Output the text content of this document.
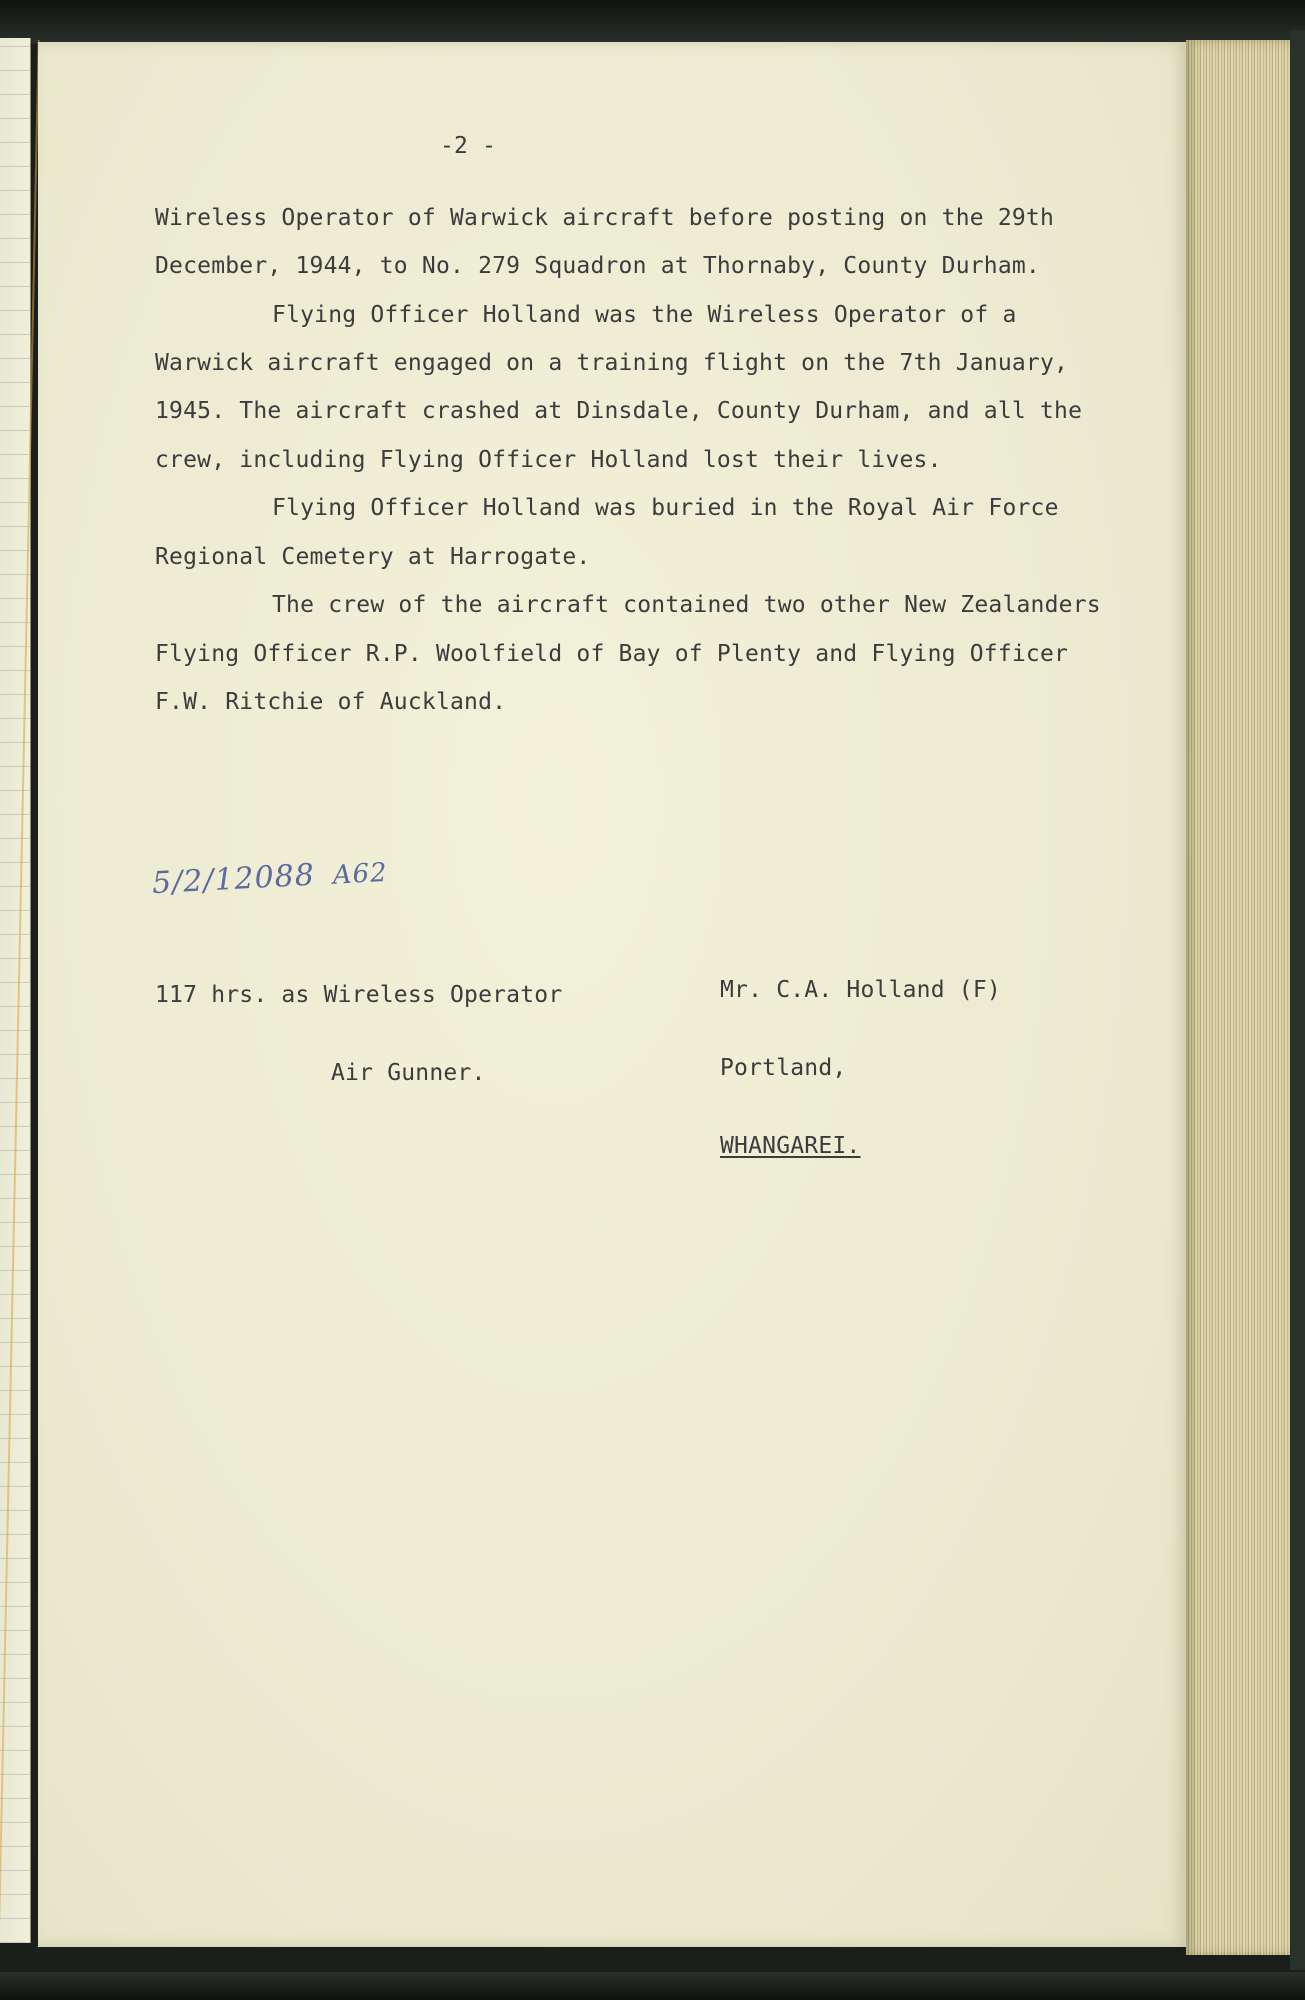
-2 -
Wireless Operator of Warwick aircraft before posting on the 29th
December, 1944, to No. 279 Squadron at Thornaby, County Durham.
Flying Officer Holland was the Wireless Operator of a
Warwick aircraft engaged on a training flight on the 7th January,
1945. The aircraft crashed at Dinsdale, County Durham, and all the
crew, including Flying Officer Holland lost their lives.
Flying Officer Holland was buried in the Royal Air Force
Regional Cemetery at Harrogate.
The crew of the aircraft contained two other New Zealanders
Flying Officer R.P. Woolfield of Bay of Plenty and Flying Officer
F.W. Ritchie of Auckland.
5/2/12088 A62

117 hrs. as Wireless Operator

Air Gunner.

Mr. C.A. Holland (F)

Portland,

WHANGAREI.
